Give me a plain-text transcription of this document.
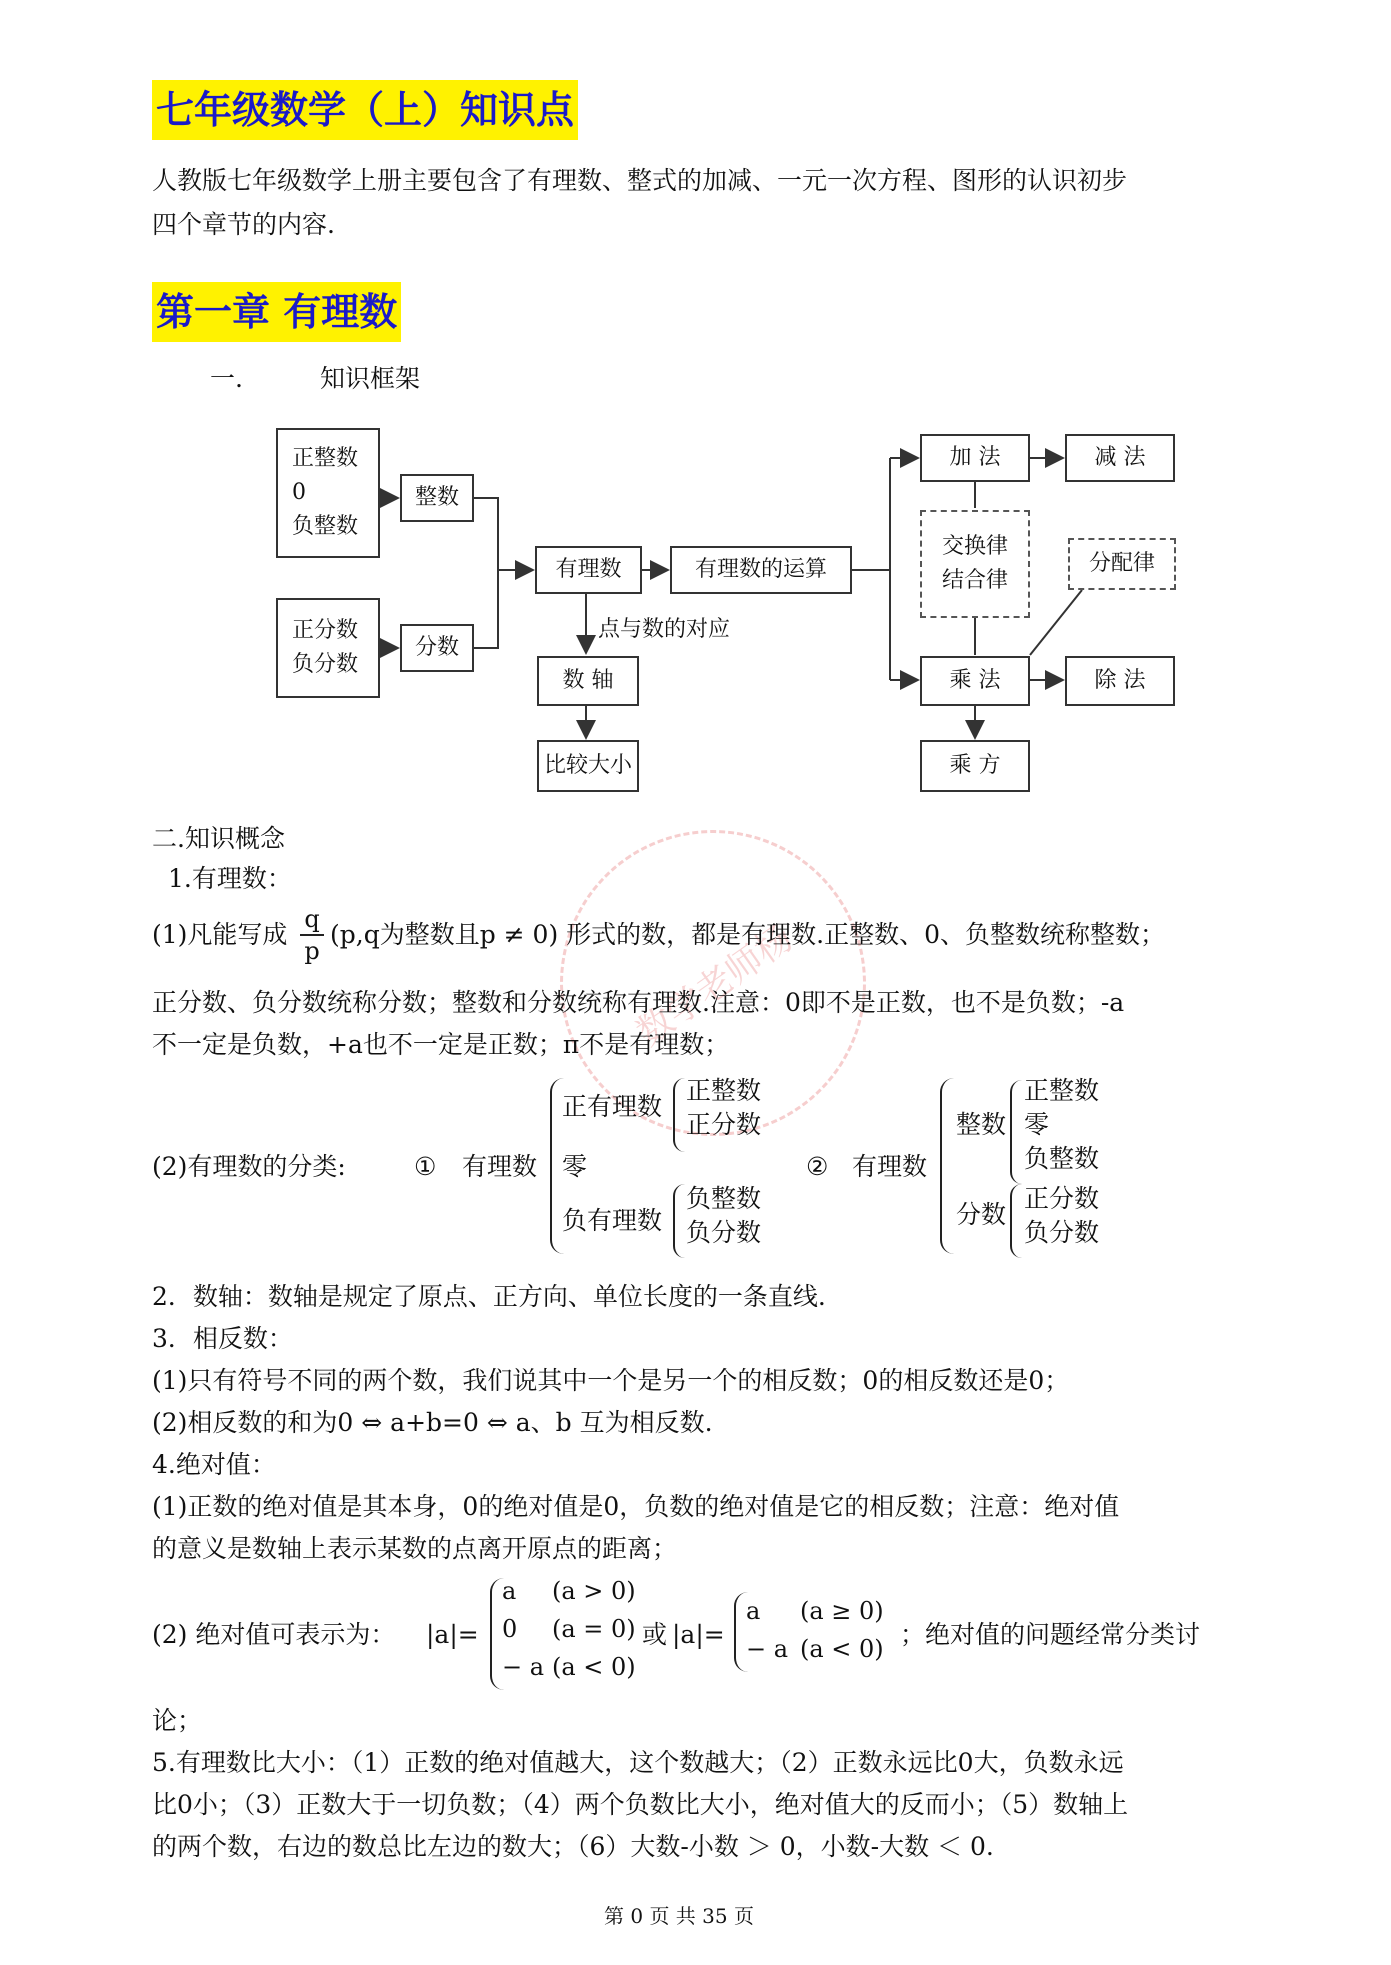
七年级数学（上）知识点
人教版七年级数学上册主要包含了有理数、整式的加减、一元一次方程、图形的认识初步
四个章节的内容.
第一章 有理数
一.	知识框架
正整数
0
负整数
整数
正分数
负分数
分数
有理数	有理数的运算
点与数的对应
数 轴
比较大小
加 法	减 法
交换律
结合律
分配律
乘 法	除 法
乘 方
数学老师杨
二.知识概念
1.有理数：
(1)凡能写成 $\frac{q}{p} (p,q$为整数且p ≠ 0) 形式的数，都是有理数.正整数、0、负整数统称整数；
正分数、负分数统称分数；整数和分数统称有理数.注意：0即不是正数，也不是负数；-a
不一定是负数，+a也不一定是正数；π不是有理数；
(2)有理数的分类:	① 有理数
正有理数
正整数
正分数
零
负有理数
负整数
负分数
② 有理数
整数
正整数
零
负整数
分数
正分数
负分数
2．数轴：数轴是规定了原点、正方向、单位长度的一条直线.
3．相反数：
(1)只有符号不同的两个数，我们说其中一个是另一个的相反数；0的相反数还是0；
(2)相反数的和为0 ⇔ a+b=0 ⇔ a、b 互为相反数.
4.绝对值：
(1)正数的绝对值是其本身，0的绝对值是0，负数的绝对值是它的相反数；注意：绝对值
的意义是数轴上表示某数的点离开原点的距离；
(2) 绝对值可表示为： |a|=
a (a > 0)
0 (a = 0)
− a (a < 0)
或 |a|=
a (a ≥ 0)
− a (a < 0) ；绝对值的问题经常分类讨
论；
5.有理数比大小：（1）正数的绝对值越大，这个数越大；（2）正数永远比0大，负数永远
比0小；（3）正数大于一切负数；（4）两个负数比大小，绝对值大的反而小；（5）数轴上
的两个数，右边的数总比左边的数大；（6）大数-小数 ＞ 0，小数-大数 ＜ 0.
第 0 页 共 35 页
